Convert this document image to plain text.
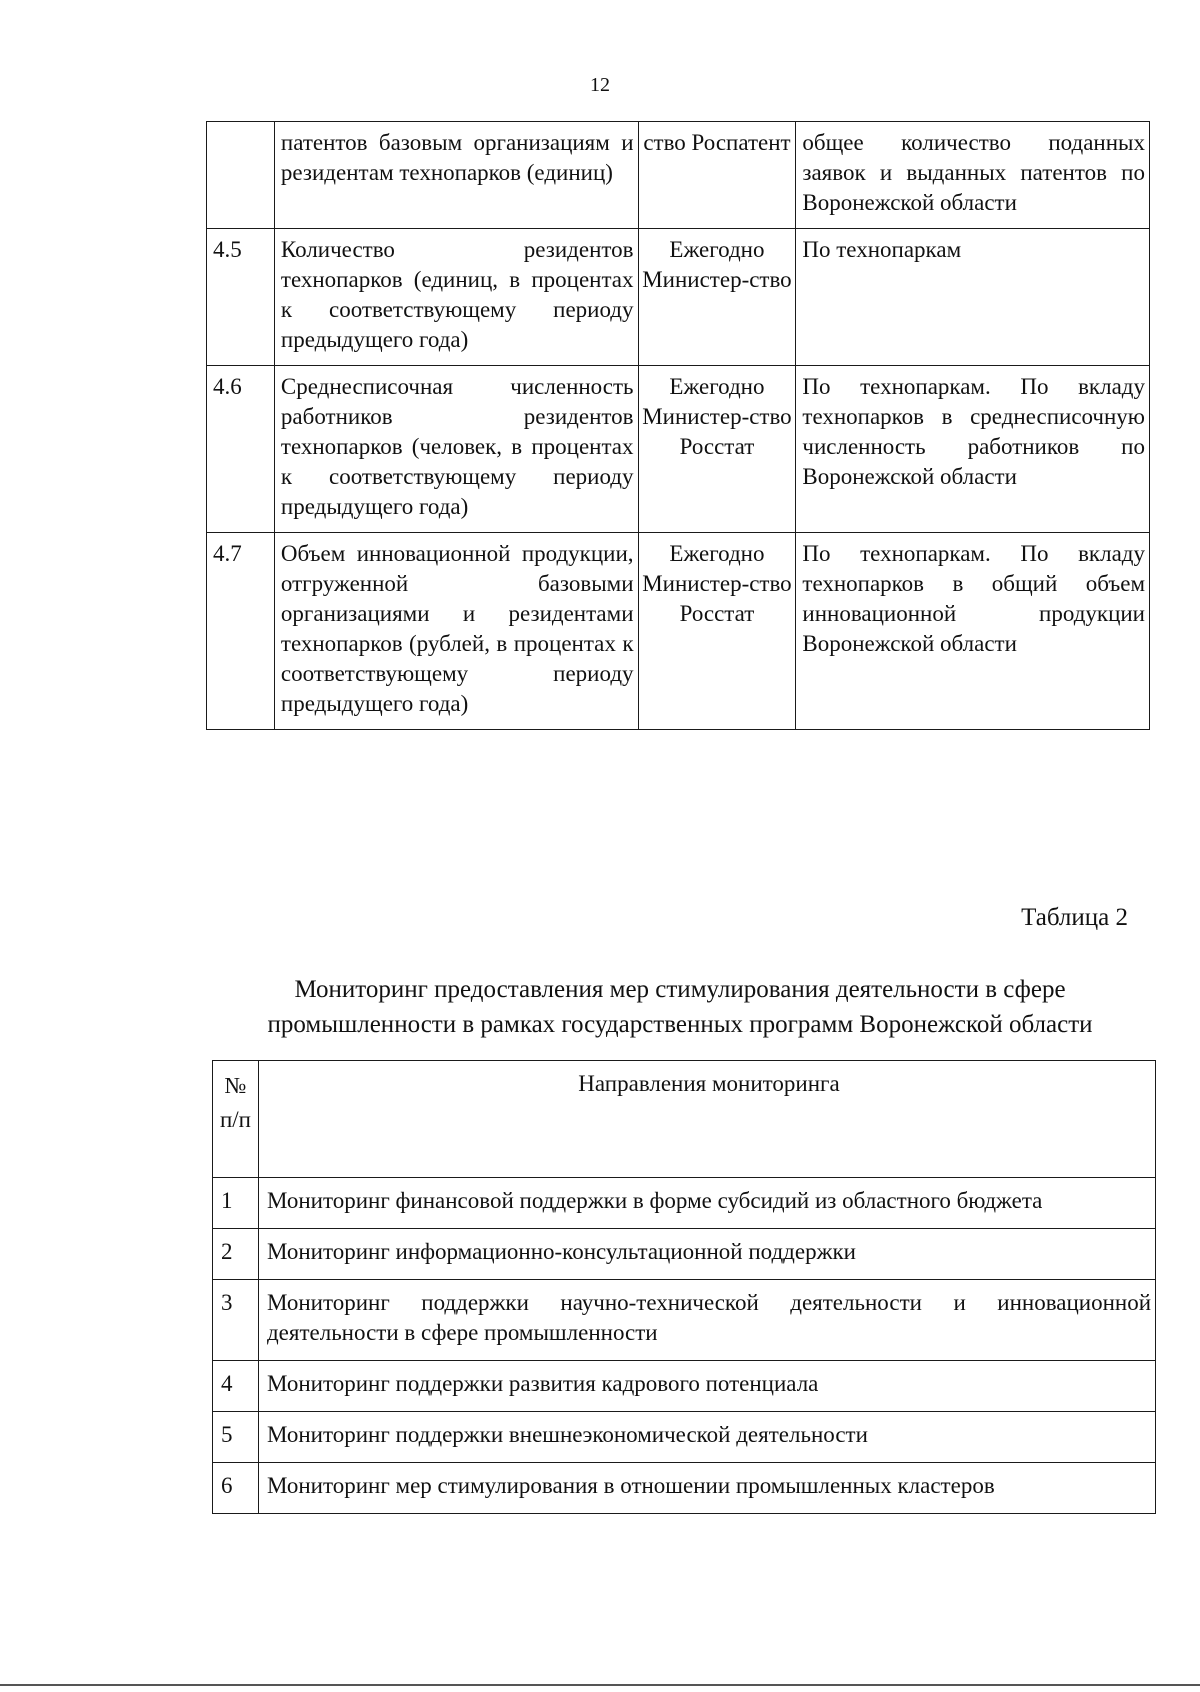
12
	патентов базовым организациям и резидентам технопарков (единиц)	ство Роспатент	общее количество поданных заявок и выданных патентов по Воронежской области
4.5	Количество резидентов технопарков (единиц, в процентах к соответствующему периоду предыдущего года)	Ежегодно Министер-ство	По технопаркам
4.6	Среднесписочная численность работников резидентов технопарков (человек, в процентах к соответствующему периоду предыдущего года)	Ежегодно Министер-ство Росстат	По технопаркам. По вкладу технопарков в среднесписочную численность работников по Воронежской области
4.7	Объем инновационной продукции, отгруженной базовыми организациями и резидентами технопарков (рублей, в процентах к соответствующему периоду предыдущего года)	Ежегодно Министер-ство Росстат	По технопаркам. По вкладу технопарков в общий объем инновационной продукции Воронежской области
Таблица 2
Мониторинг предоставления мер стимулирования деятельности в сфере промышленности в рамках государственных программ Воронежской области
№ п/п	Направления мониторинга
1	Мониторинг финансовой поддержки в форме субсидий из областного бюджета
2	Мониторинг информационно-консультационной поддержки
3	Мониторинг поддержки научно-технической деятельности и инновационной деятельности в сфере промышленности
4	Мониторинг поддержки развития кадрового потенциала
5	Мониторинг поддержки внешнеэкономической деятельности
6	Мониторинг мер стимулирования в отношении промышленных кластеров
